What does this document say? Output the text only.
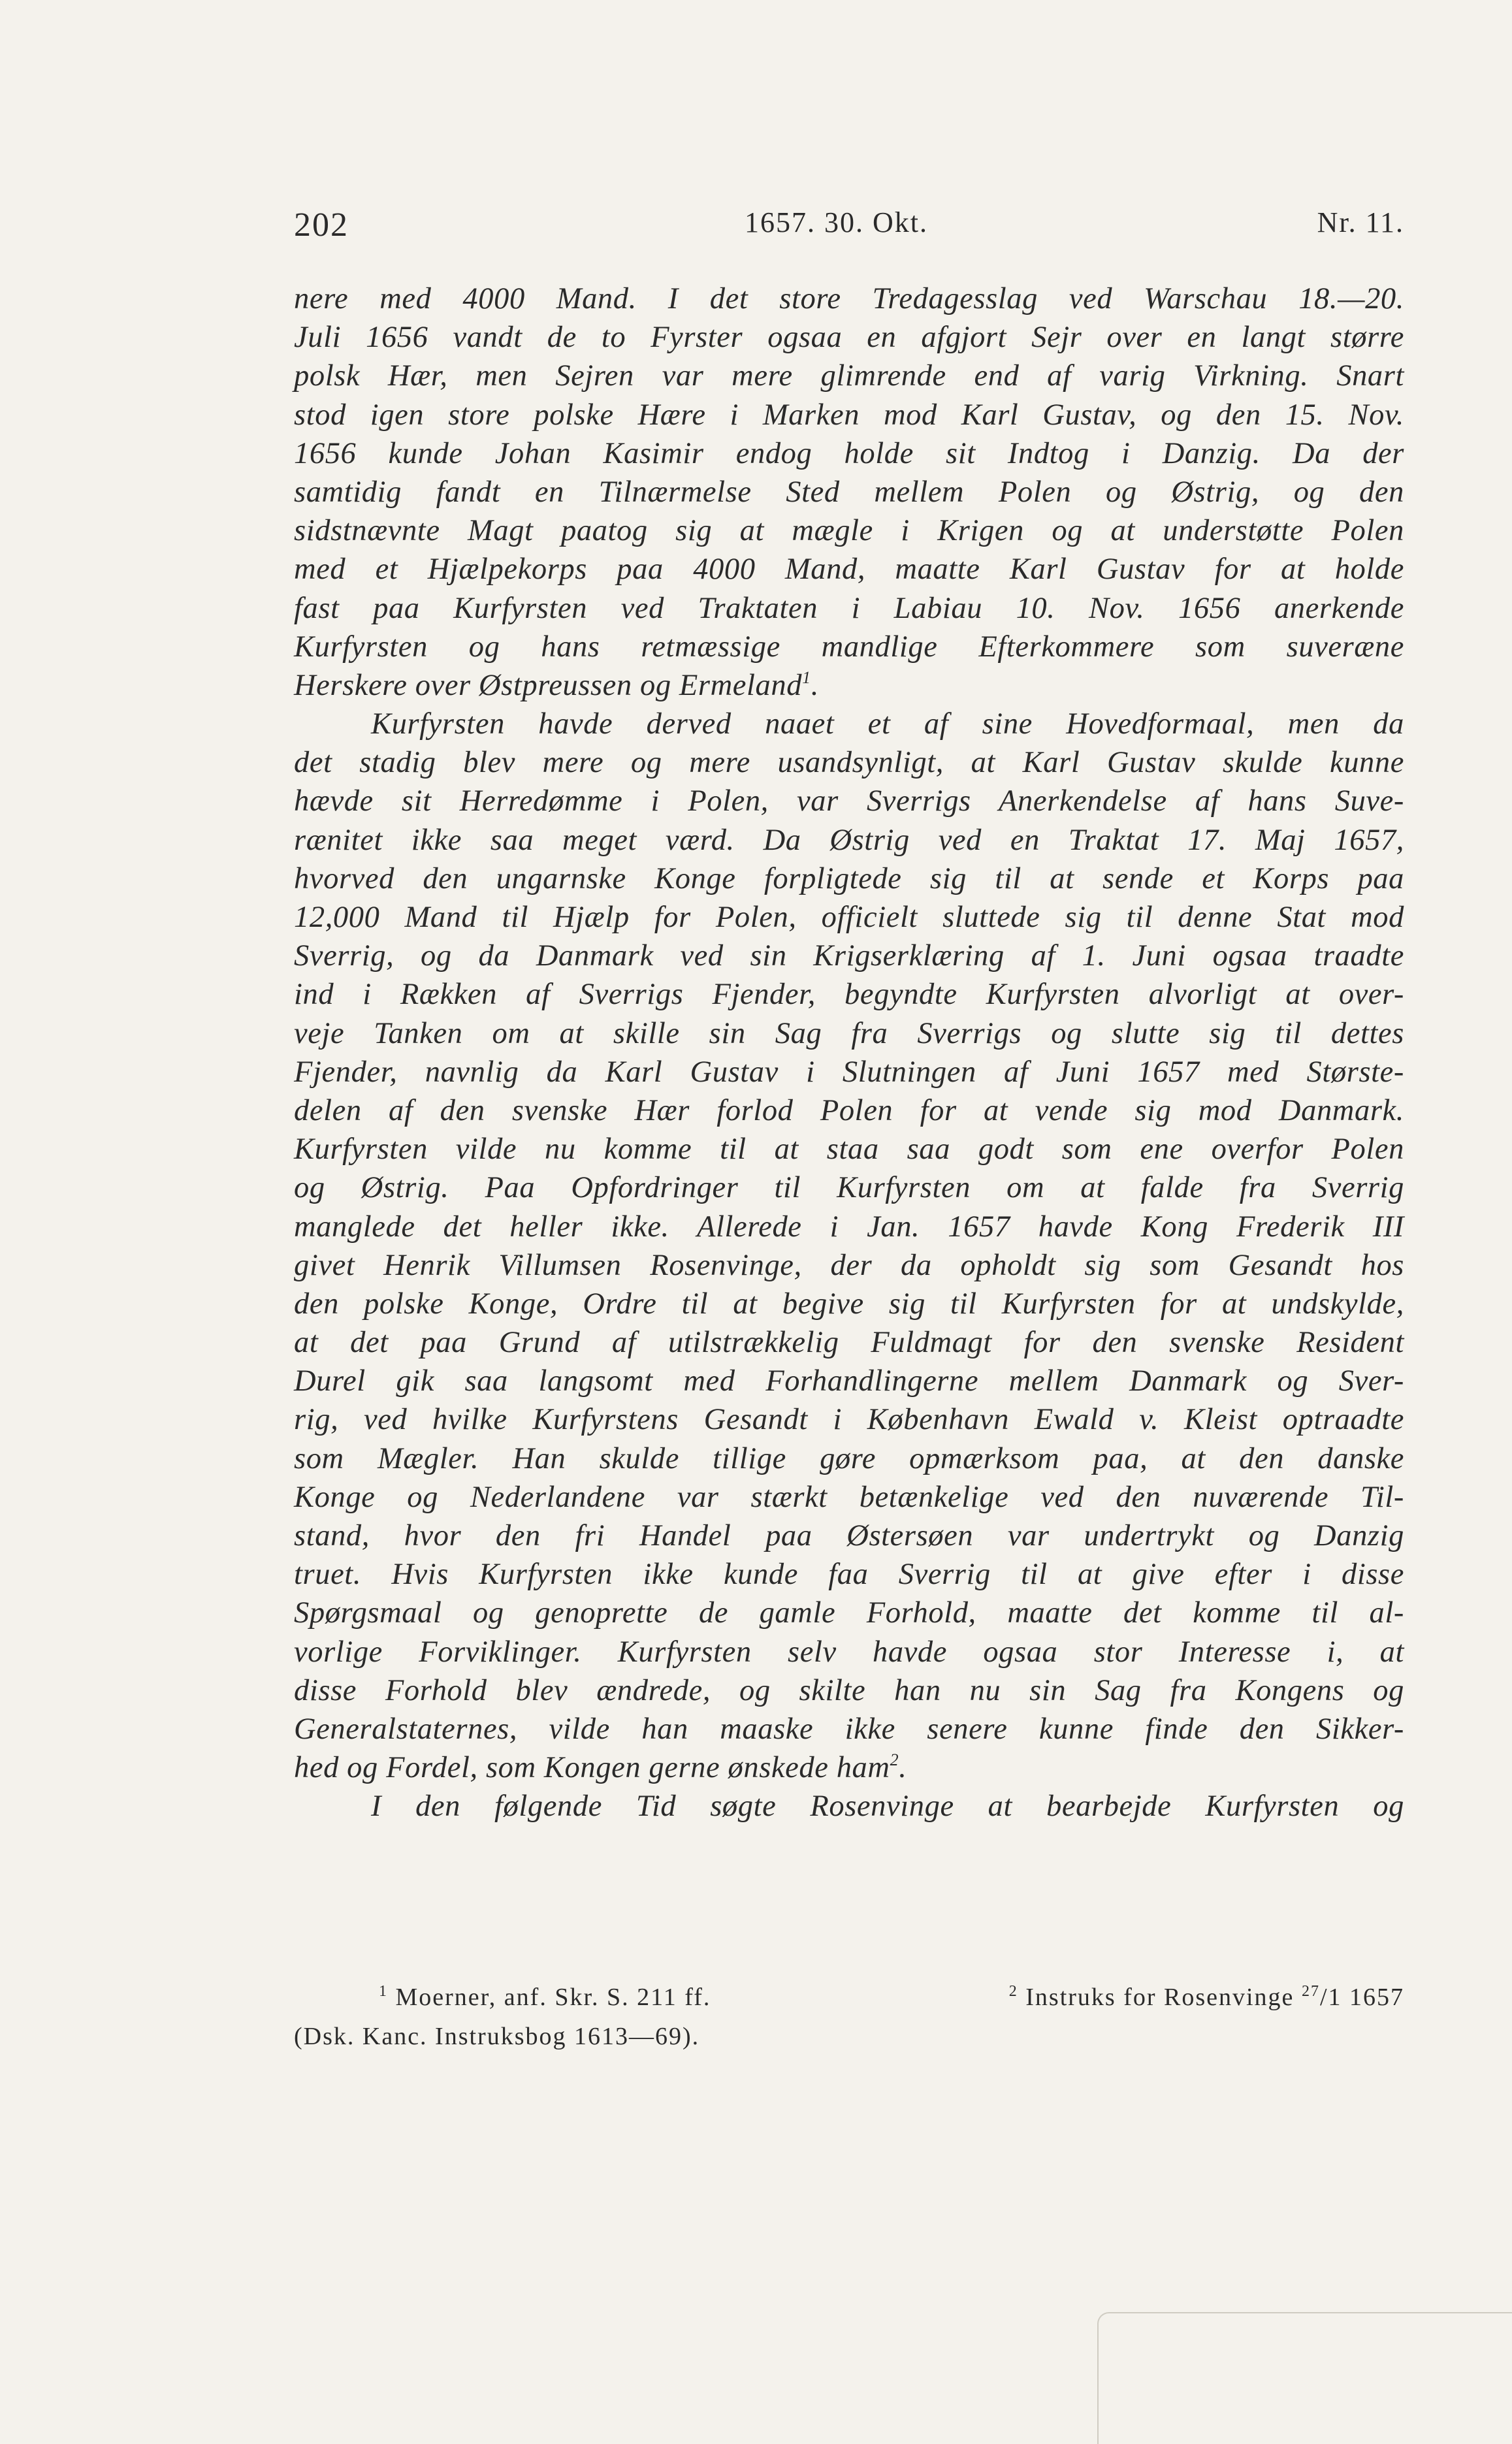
202	1657. 30. Okt.	Nr. 11.
nere med 4000 Mand. I det store Tredagesslag ved Warschau 18.—20.
Juli 1656 vandt de to Fyrster ogsaa en afgjort Sejr over en langt større
polsk Hær, men Sejren var mere glimrende end af varig Virkning. Snart
stod igen store polske Hære i Marken mod Karl Gustav, og den 15. Nov.
1656 kunde Johan Kasimir endog holde sit Indtog i Danzig. Da der
samtidig fandt en Tilnærmelse Sted mellem Polen og Østrig, og den
sidstnævnte Magt paatog sig at mægle i Krigen og at understøtte Polen
med et Hjælpekorps paa 4000 Mand, maatte Karl Gustav for at holde
fast paa Kurfyrsten ved Traktaten i Labiau 10. Nov. 1656 anerkende
Kurfyrsten og hans retmæssige mandlige Efterkommere som suveræne
Herskere over Østpreussen og Ermeland$^1$.
Kurfyrsten havde derved naaet et af sine Hovedformaal, men da
det stadig blev mere og mere usandsynligt, at Karl Gustav skulde kunne
hævde sit Herredømme i Polen, var Sverrigs Anerkendelse af hans Suve-
rænitet ikke saa meget værd. Da Østrig ved en Traktat 17. Maj 1657,
hvorved den ungarnske Konge forpligtede sig til at sende et Korps paa
12,000 Mand til Hjælp for Polen, officielt sluttede sig til denne Stat mod
Sverrig, og da Danmark ved sin Krigserklæring af 1. Juni ogsaa traadte
ind i Rækken af Sverrigs Fjender, begyndte Kurfyrsten alvorligt at over-
veje Tanken om at skille sin Sag fra Sverrigs og slutte sig til dettes
Fjender, navnlig da Karl Gustav i Slutningen af Juni 1657 med Største-
delen af den svenske Hær forlod Polen for at vende sig mod Danmark.
Kurfyrsten vilde nu komme til at staa saa godt som ene overfor Polen
og Østrig. Paa Opfordringer til Kurfyrsten om at falde fra Sverrig
manglede det heller ikke. Allerede i Jan. 1657 havde Kong Frederik III
givet Henrik Villumsen Rosenvinge, der da opholdt sig som Gesandt hos
den polske Konge, Ordre til at begive sig til Kurfyrsten for at undskylde,
at det paa Grund af utilstrækkelig Fuldmagt for den svenske Resident
Durel gik saa langsomt med Forhandlingerne mellem Danmark og Sver-
rig, ved hvilke Kurfyrstens Gesandt i København Ewald v. Kleist optraadte
som Mægler. Han skulde tillige gøre opmærksom paa, at den danske
Konge og Nederlandene var stærkt betænkelige ved den nuværende Til-
stand, hvor den fri Handel paa Østersøen var undertrykt og Danzig
truet. Hvis Kurfyrsten ikke kunde faa Sverrig til at give efter i disse
Spørgsmaal og genoprette de gamle Forhold, maatte det komme til al-
vorlige Forviklinger. Kurfyrsten selv havde ogsaa stor Interesse i, at
disse Forhold blev ændrede, og skilte han nu sin Sag fra Kongens og
Generalstaternes, vilde han maaske ikke senere kunne finde den Sikker-
hed og Fordel, som Kongen gerne ønskede ham$^2$.
I den følgende Tid søgte Rosenvinge at bearbejde Kurfyrsten og
$^1$ Moerner, anf. Skr. S. 211 ff.	$^2$ Instruks for Rosenvinge $^{27}$/1 1657
(Dsk. Kanc. Instruksbog 1613—69).
